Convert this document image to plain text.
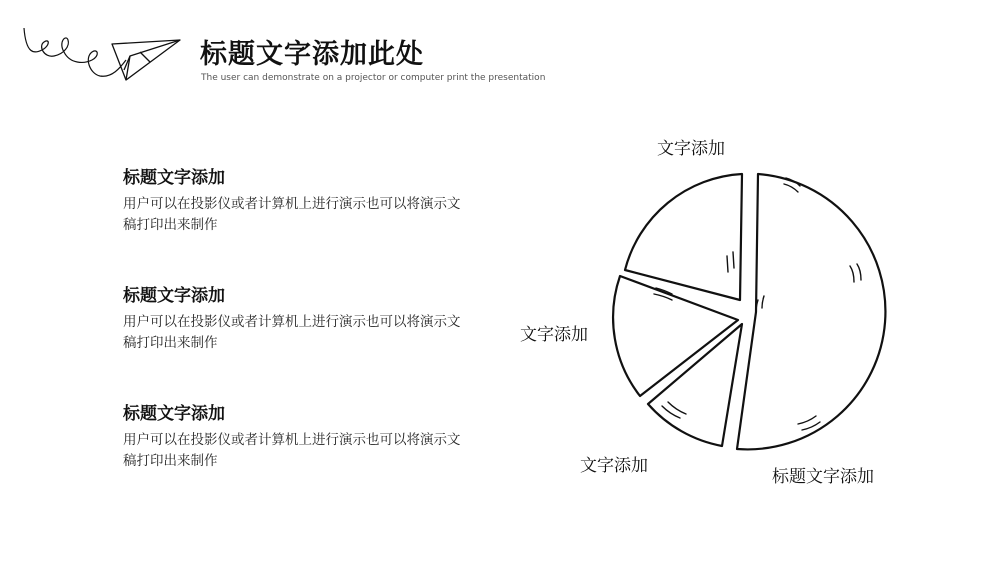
标题文字添加此处
The user can demonstrate on a projector or computer print the presentation
标题文字添加

用户可以在投影仪或者计算机上进行演示也可以将演示文稿打印出来制作

标题文字添加

用户可以在投影仪或者计算机上进行演示也可以将演示文稿打印出来制作

标题文字添加

用户可以在投影仪或者计算机上进行演示也可以将演示文稿打印出来制作

文字添加
文字添加
文字添加
标题文字添加
